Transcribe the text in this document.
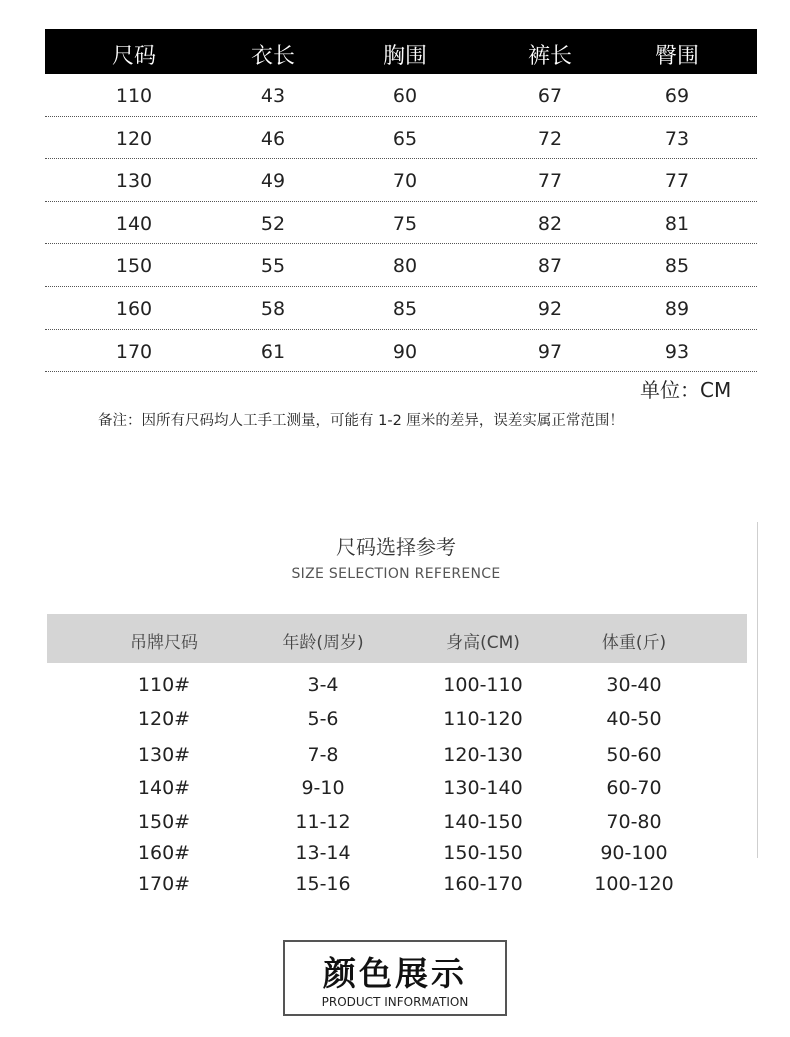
尺码	衣长	胸围	裤长	臀围
110	43	60	67	69
120	46	65	72	73
130	49	70	77	77
140	52	75	82	81
150	55	80	87	85
160	58	85	92	89
170	61	90	97	93
单位：CM
备注：因所有尺码均人工手工测量，可能有 1-2 厘米的差异，误差实属正常范围！
尺码选择参考
SIZE SELECTION REFERENCE
吊牌尺码	年龄(周岁)	身高(CM)	体重(斤)
110#	3-4	100-110	30-40
120#	5-6	110-120	40-50
130#	7-8	120-130	50-60
140#	9-10	130-140	60-70
150#	11-12	140-150	70-80
160#	13-14	150-150	90-100
170#	15-16	160-170	100-120
颜色展示
PRODUCT INFORMATION
